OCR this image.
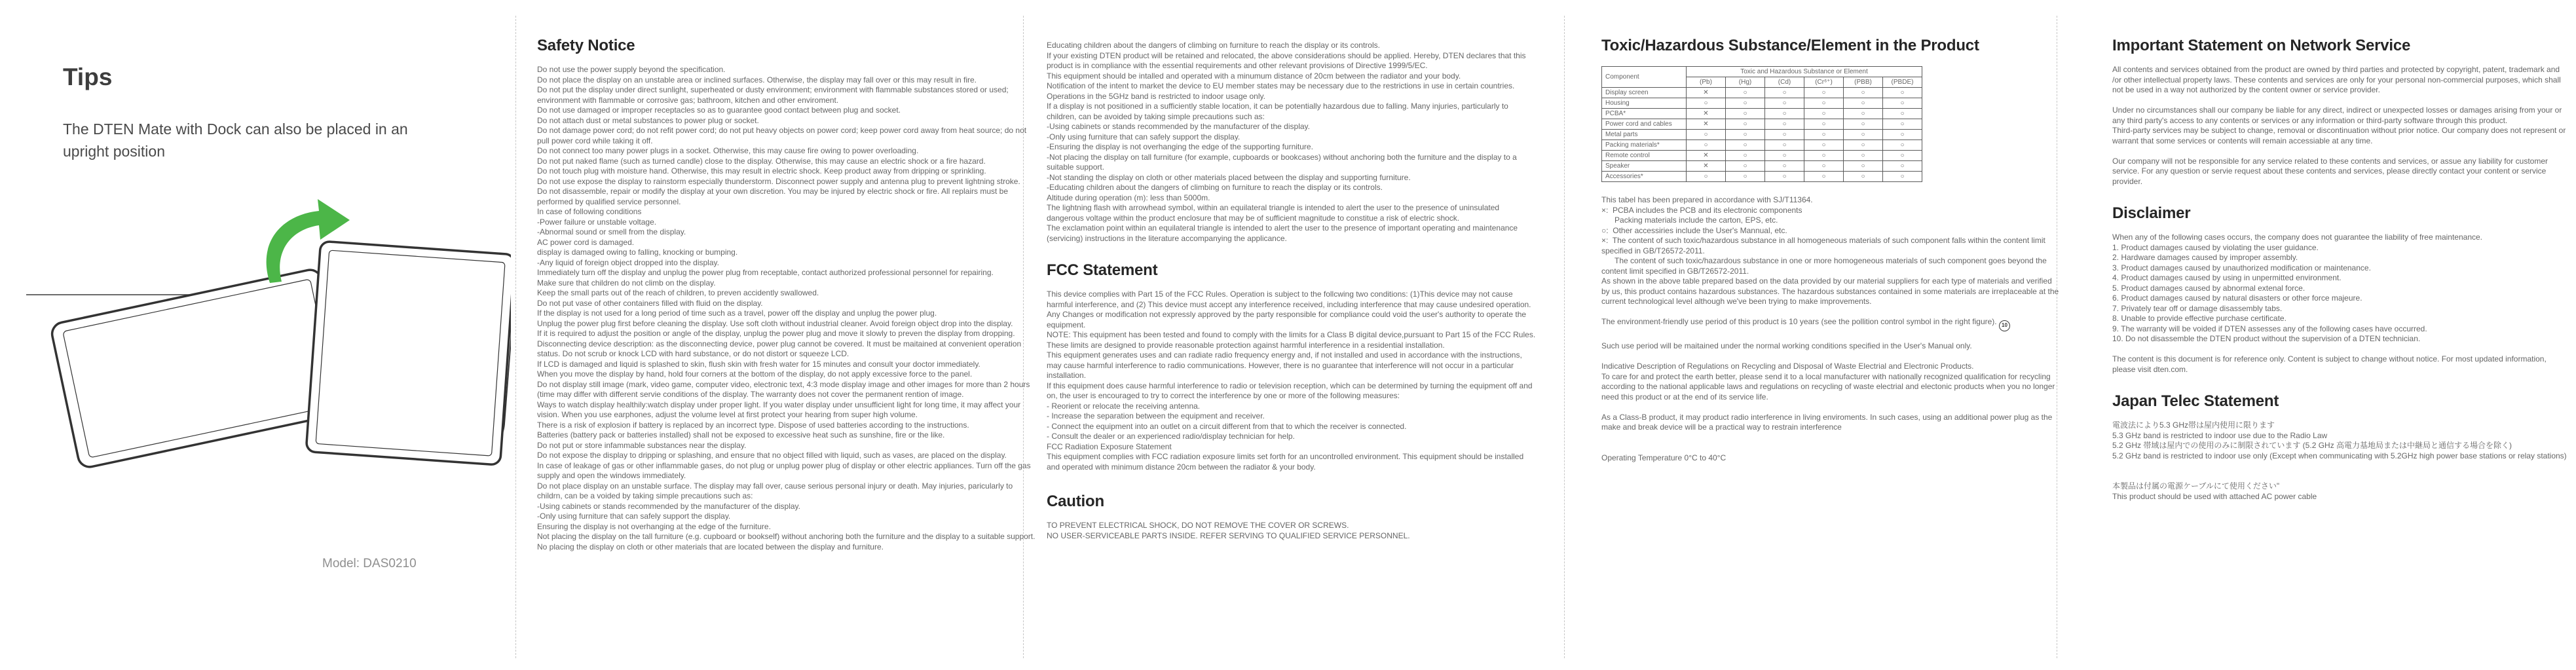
Tips
The DTEN Mate with Dock can also be placed in an upright position
Model: DAS0210
Safety Notice
Do not use the power supply beyond the specification.
Do not place the display on an unstable area or inclined surfaces. Otherwise, the display may fall over or this may result in fire.
Do not put the display under direct sunlight, superheated or dusty environment; environment with flammable substances stored or used; environment with flammable or corrosive gas; bathroom, kitchen and other enviroment.
Do not use damaged or improper receptacles so as to guarantee good contact between plug and socket.
Do not attach dust or metal substances to power plug or socket.
Do not damage power cord; do not refit power cord; do not put heavy objects on power cord; keep power cord away from heat source; do not pull power cord while taking it off.
Do not connect too many power plugs in a socket. Otherwise, this may cause fire owing to power overloading.
Do not put naked flame (such as turned candle) close to the display. Otherwise, this may cause an electric shock or a fire hazard.
Do not touch plug with moisture hand. Otherwise, this may result in electric shock. Keep product away from dripping or sprinkling.
Do not use expose the display to rainstorm especially thunderstorm. Disconnect power supply and antenna plug to prevent lightning stroke.
Do not disassemble, repair or modify the display at your own discretion. You may be injured by electric shock or fire. All replairs must be performed by qualified service personnel.
In case of following conditions
-Power failure or unstable voltage.
-Abnormal sound or smell from the display.
AC power cord is damaged.
display is damaged owing to falling, knocking or bumping.
-Any liquid of foreign object dropped into the display.
Immediately turn off the display and unplug the power plug from receptable, contact authorized professional personnel for repairing.
Make sure that children do not climb on the display.
Keep the small parts out of the reach of children, to preven accidently swallowed.
Do not put vase of other containers filled with fluid on the display.
If the display is not used for a long period of time such as a travel, power off the display and unplug the power plug.
Unplug the power plug first before cleaning the display. Use soft cloth without industrial cleaner. Avoid foreign object drop into the display.
If it is required to adjust the position or angle of the display, unplug the power plug and move it slowly to preven the display from dropping.
Disconnecting device description: as the disconnecting device, power plug cannot be covered. It must be maitained at convenient operation status. Do not scrub or knock LCD with hard substance, or do not distort or squeeze LCD.
If LCD is damaged and liquid is splashed to skin, flush skin with fresh water for 15 minutes and consult your doctor immediately.
When you move the display by hand, hold four corners at the bottom of the display, do not apply excessive force to the panel.
Do not display still image (mark, video game, computer video, electronic text, 4:3 mode display image and other images for more than 2 hours (time may differ with different servie conditions of the display. The warranty does not cover the permanent rention of image.
Ways to watch display healthily:watch display under proper light. If you water display under unsufficient light for long time, it may affect your vision. When you use earphones, adjust the volume level at first protect your hearing from super high volume.
There is a risk of explosion if battery is replaced by an incorrect type. Dispose of used batteries according to the instructions.
Batteries (battery pack or batteries installed) shall not be exposed to excessive heat such as sunshine, fire or the like.
Do not put or store infammable substances near the display.
Do not expose the display to dripping or splashing, and ensure that no object filled with liquid, such as vases, are placed on the display.
In case of leakage of gas or other inflammable gases, do not plug or unplug power plug of display or other electric appliances. Turn off the gas supply and open the windows immediately.
Do not place display on an unstable surface. The display may fall over, cause serious personal injury or death. May injuries, paricularly to childrn, can be a voided by taking simple precautions such as:
-Using cabinets or stands recommended by the manufacturer of the display.
-Only using furniture that can safely support the display.
Ensuring the display is not overhanging at the edge of the furniture.
Not placing the display on the tall furniture (e.g. cupboard or bookself) without anchoring both the furniture and the display to a suitable support.
No placing the display on cloth or other materials that are located between the display and furniture.
Educating children about the dangers of climbing on furniture to reach the display or its controls.
If your existing DTEN product will be retained and relocated, the above considerations should be applied. Hereby, DTEN declares that this product is in compliance with the essential requirements and other relevant provisions of Directive 1999/5/EC.
This equipment should be intalled and operated with a minumum distance of 20cm between the radiator and your body.
Notification of the intent to market the device to EU member states may be necessary due to the restrictions in use in certain countries.
Operations in the 5GHz band is restricted to indoor usage only.
If a display is not positioned in a sufficiently stable location, it can be potentially hazardous due to falling. Many injuries, particularly to children, can be avoided by taking simple precautions such as:
-Using cabinets or stands recommended by the manufacturer of the display.
-Only using furniture that can safely support the display.
-Ensuring the display is not overhanging the edge of the supporting furniture.
-Not placing the display on tall furniture (for example, cupboards or bookcases) without anchoring both the furniture and the display to a suitable support.
-Not standing the display on cloth or other materials placed between the display and supporting furniture.
-Educating children about the dangers of climbing on furniture to reach the display or its controls.
Altitude during operation (m): less than 5000m.
The lightning flash with arrowhead symbol, within an equilateral triangle is intended to alert the user to the presence of uninsulated dangerous voltage within the product enclosure that may be of sufficient magnitude to constitue a risk of electric shock.
The exclamation point within an equilateral triangle is intended to alert the user to the presence of important operating and maintenance (servicing) instructions in the literature accompanying the applicance.
FCC Statement
This device complies with Part 15 of the FCC Rules. Operation is subject to the follcwing two conditions: (1)This device may not cause harmful interference, and (2) This device must accept any interference received, including interference that may cause undesired operation.
Any Changes or modification not expressly approved by the party responsible for compliance could void the user's authority to operate the equipment.
NOTE: This equipment has been tested and found to comply with the limits for a Class B digital device,pursuant to Part 15 of the FCC Rules. These limits are designed to provide reasonable protection against harmful interference in a residential installation.
This equipment generates uses and can radiate radio frequency energy and, if not installed and used in accordance with the instructions, may cause harmful interference to radio communications. However, there is no guarantee that interference will not occur in a particular installation.
If this equipment does cause harmful interference to radio or television reception, which can be determined by turning the equipment off and on, the user is encouraged to try to correct the interference by one or more of the following measures:
- Reorient or relocate the receiving antenna.
- Increase the separation between the equipment and receiver.
- Connect the equipment into an outlet on a circuit different from that to which the receiver is connected.
- Consult the dealer or an experienced radio/display technician for help.
FCC Radiation Exposure Statement
This equipment complies with FCC radiation exposure limits set forth for an uncontrolled environment. This equipment should be installed and operated with minimum distance 20cm between the radiator & your body.
Caution
TO PREVENT ELECTRICAL SHOCK, DO NOT REMOVE THE COVER OR SCREWS.
NO USER-SERVICEABLE PARTS INSIDE. REFER SERVING TO QUALIFIED SERVICE PERSONNEL.
Toxic/Hazardous Substance/Element in the Product
Component	Toxic and Hazardous Substance or Element					
	(Pb)	(Hg)	(Cd)	(Cr⁶⁺)	(PBB)	(PBDE)
Display screen	✕	○	○	○	○	○
Housing	○	○	○	○	○	○
PCBA*	✕	○	○	○	○	○
Power cord and cables	✕	○	○	○	○	○
Metal parts	○	○	○	○	○	○
Packing materials*	○	○	○	○	○	○
Remote control	✕	○	○	○	○	○
Speaker	✕	○	○	○	○	○
Accessories*	○	○	○	○	○	○
This tabel has been prepared in accordance with SJ/T11364.
×:  PCBA includes the PCB and its electronic components
Packing materials include the carton, EPS, etc.
○:  Other accessiries include the User's Mannual, etc.
×:  The content of such toxic/hazardous substance in all homogeneous materials of such component falls within the content limit specified in GB/T26572-2011.
The content of such toxic/hazardous substance in one or more homogeneous materials of such component goes beyond the content limit specified in GB/T26572-2011.
As shown in the above table prepared based on the data provided by our material suppliers for each type of materials and verified by us, this product contains hazardous substances. The hazardous substances contained in some materials are irreplaceable at the current technological level although we've been trying to make improvements.
The environment-friendly use period of this product is 10 years (see the pollition control symbol in the right figure). 10
Such use period will be maitained under the normal working conditions specified in the User's Manual only.
Indicative Description of Regulations on Recycling and Disposal of Waste Electrial and Electronic Products.
To care for and protect the earth better, please send it to a local manufacturer with nationally recognized qualification for recycling according to the national applicable laws and regulations on recycling of waste electrial and electonic products when you no longer need this product or at the end of its service life.
As a Class-B product, it may product radio interference in living enviroments. In such cases, using an additional power plug as the make and break device will be a practical way to restrain interference
Operating Temperature 0°C to 40°C
Important Statement on Network Service
All contents and services obtained from the product are owned by third parties and protected by copyright, patent, trademark and /or other intellectual property laws. These contents and services are only for your personal non-commercial purposes, which shall not be used in a way not authorized by the content owner or service provider.
Under no circumstances shall our company be liable for any direct, indirect or unexpected losses or damages arising from your or any third party's access to any contents or services or any information or third-party software through this product.
Third-party services may be subject to change, removal or discontinuation without prior notice. Our company does not represent or warrant that some services or contents will remain accessiable at any time.
Our company will not be responsible for any service related to these contents and services, or assue any liability for customer service. For any question or servie request about these contents and services, please directly contact your content or service provider.
Disclaimer
When any of the following cases occurs, the company does not guarantee the liability of free maintenance.
1. Product damages caused by violating the user guidance.
2. Hardware damages caused by improper assembly.
3. Product damages caused by unauthorized modification or maintenance.
4. Product damages caused by using in unpermitted environment.
5. Product damages caused by abnormal extenal force.
6. Product damages caused by natural disasters or other force majeure.
7. Privately tear off or damage disassembly tabs.
8. Unable to provide effective purchase certificate.
9. The warranty will be voided if DTEN assesses any of the following cases have occurred.
10. Do not disassemble the DTEN product without the supervision of a DTEN technician.
The content is this document is for reference only. Content is subject to change without notice. For most updated information, please visit dten.com.
Japan Telec Statement
電波法により5.3 GHz帯は屋内使用に限ります
5.3 GHz band is restricted to indoor use due to the Radio Law
5.2 GHz 帯域は屋内での使用のみに制限されています (5.2 GHz 高電力基地局または中継局と通信する場合を除く)
5.2 GHz band is restricted to indoor use only (Except when communicating with 5.2GHz high power base stations or relay stations)
本製品は付属の電源ケーブルにて使用ください"
This product should be used with attached AC power cable
